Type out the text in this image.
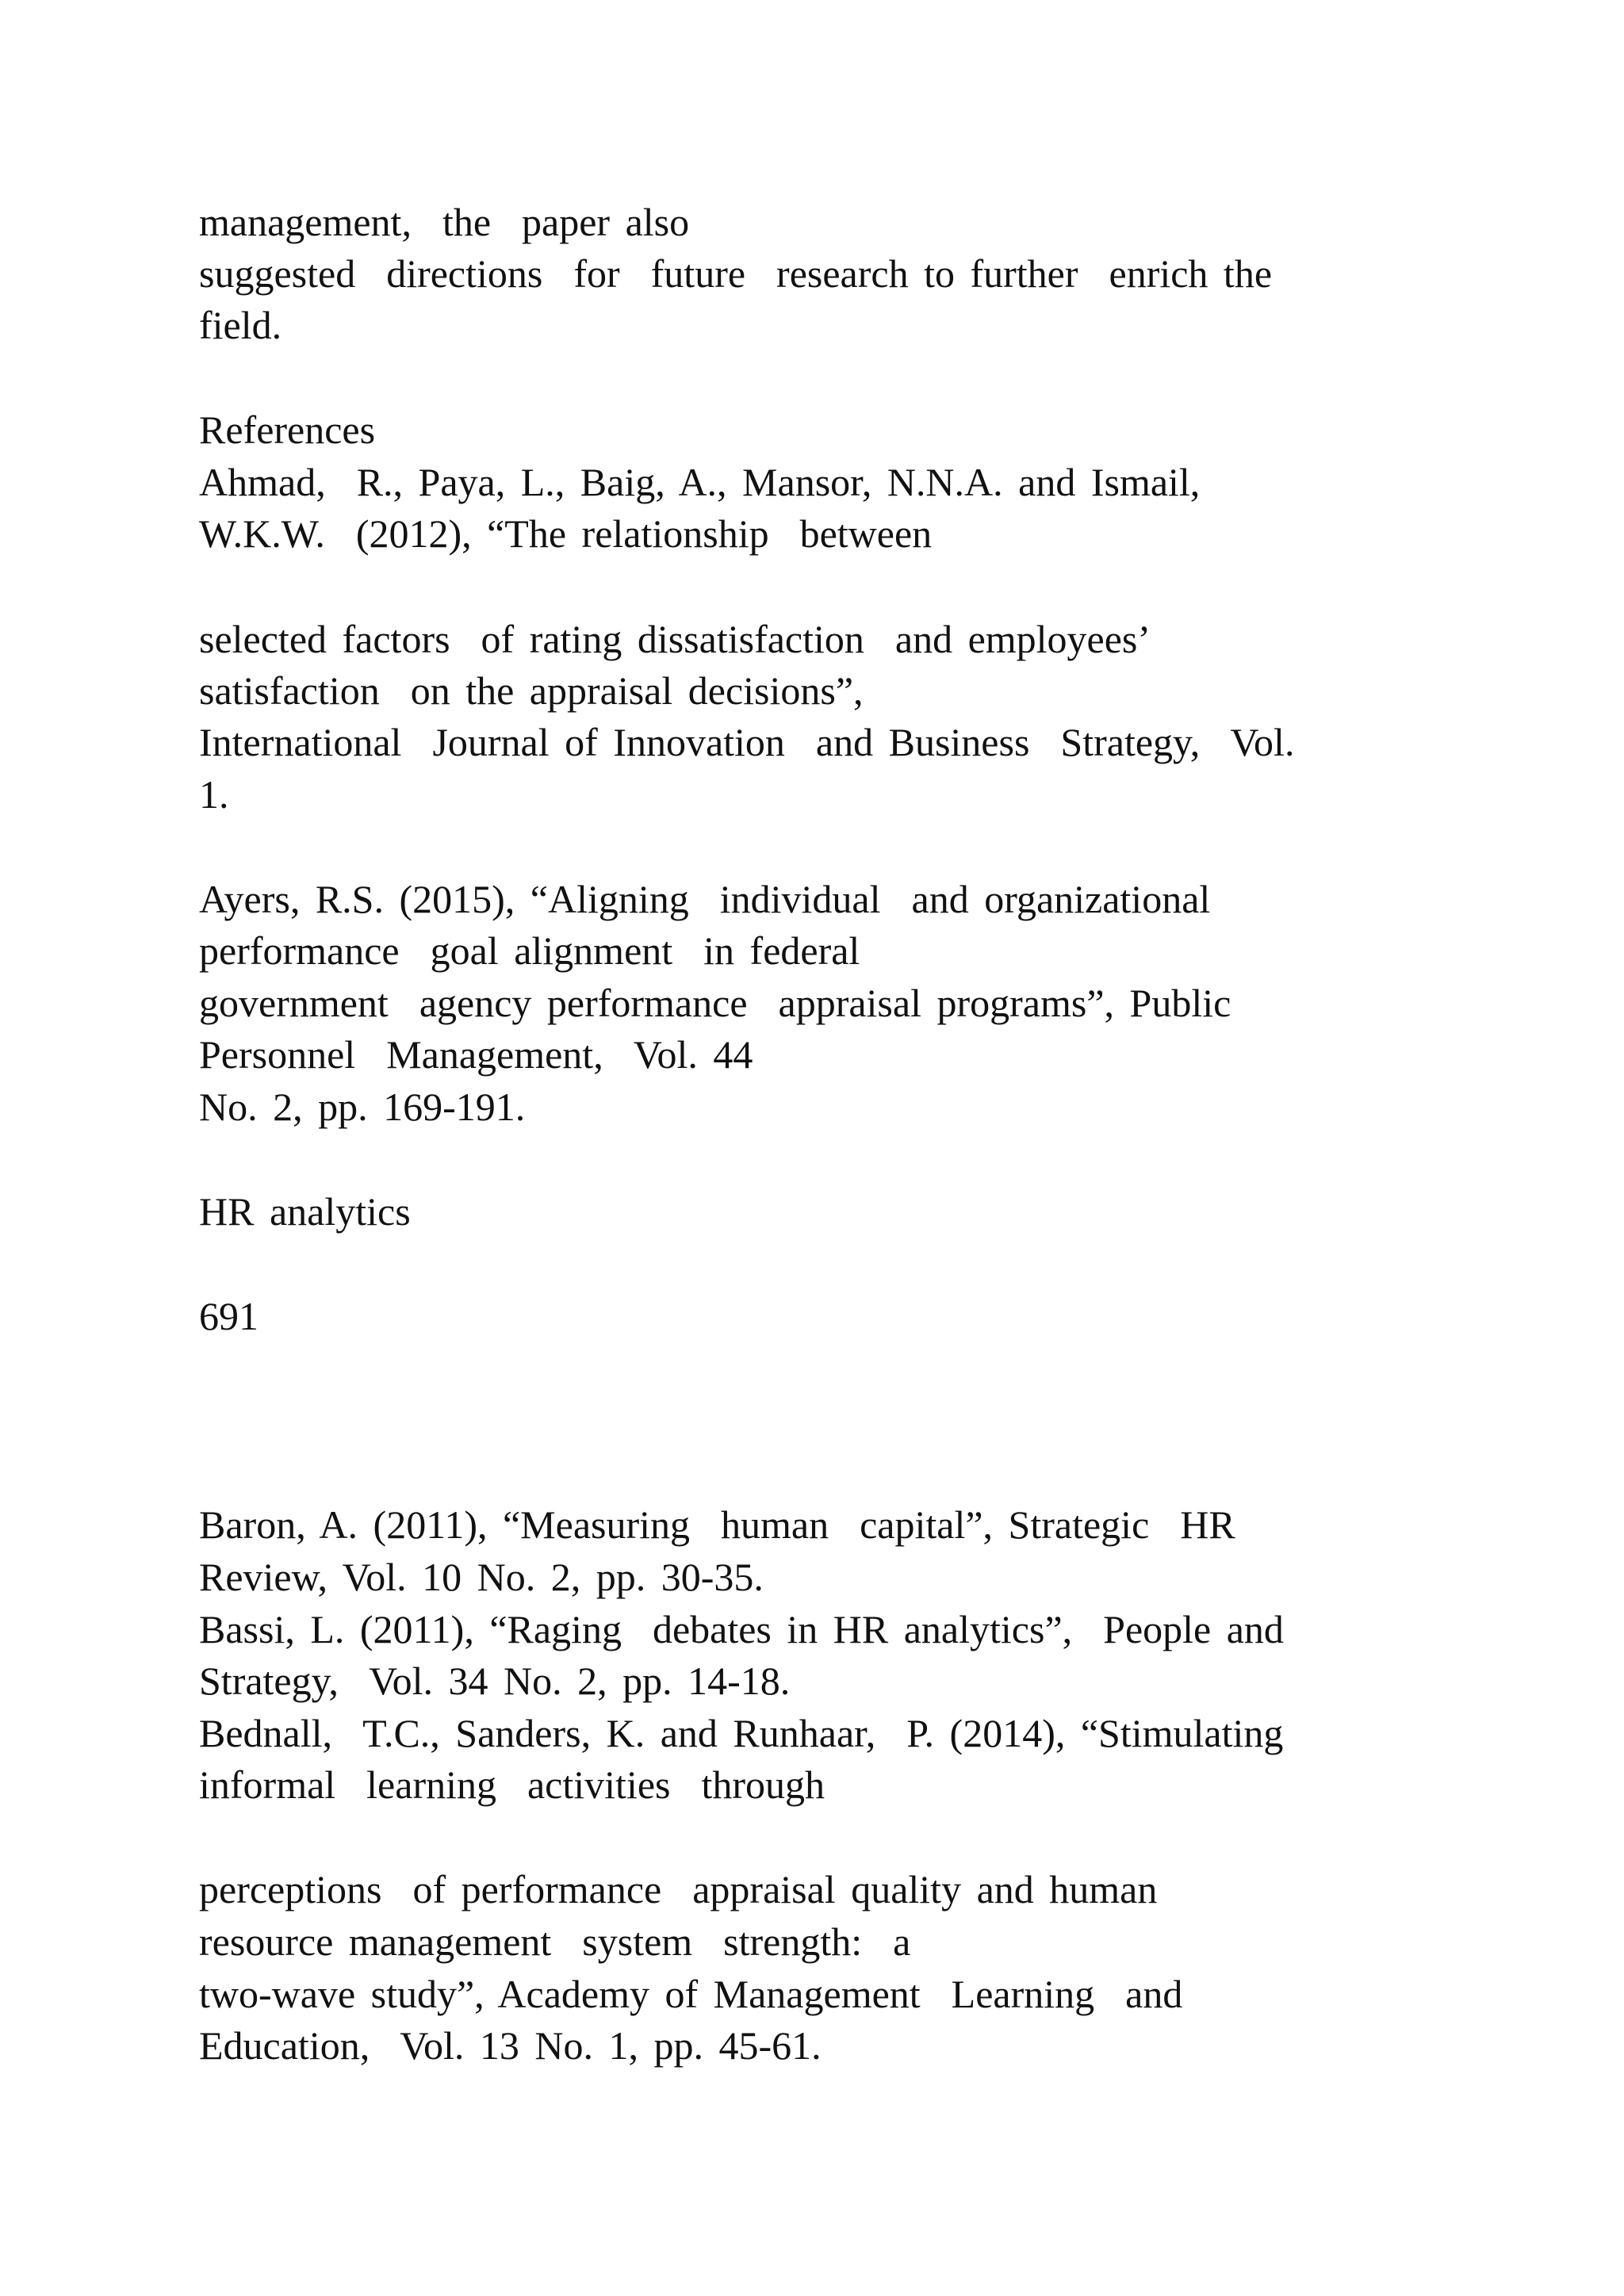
management,  the  paper also

suggested  directions  for  future  research to further  enrich the

field.

References

Ahmad,  R., Paya, L., Baig, A., Mansor, N.N.A. and Ismail,

W.K.W.  (2012), “The relationship  between

selected factors  of rating dissatisfaction  and employees’

satisfaction  on the appraisal decisions”,

International  Journal of Innovation  and Business  Strategy,  Vol.

1.

Ayers, R.S. (2015), “Aligning  individual  and organizational

performance  goal alignment  in federal

government  agency performance  appraisal programs”, Public

Personnel  Management,  Vol. 44

No. 2, pp. 169-191.

HR analytics

691

Baron, A. (2011), “Measuring  human  capital”, Strategic  HR

Review, Vol. 10 No. 2, pp. 30-35.

Bassi, L. (2011), “Raging  debates in HR analytics”,  People and

Strategy,  Vol. 34 No. 2, pp. 14-18.

Bednall,  T.C., Sanders, K. and Runhaar,  P. (2014), “Stimulating

informal  learning  activities  through

perceptions  of performance  appraisal quality and human

resource management  system  strength:  a

two-wave study”, Academy of Management  Learning  and

Education,  Vol. 13 No. 1, pp. 45-61.
